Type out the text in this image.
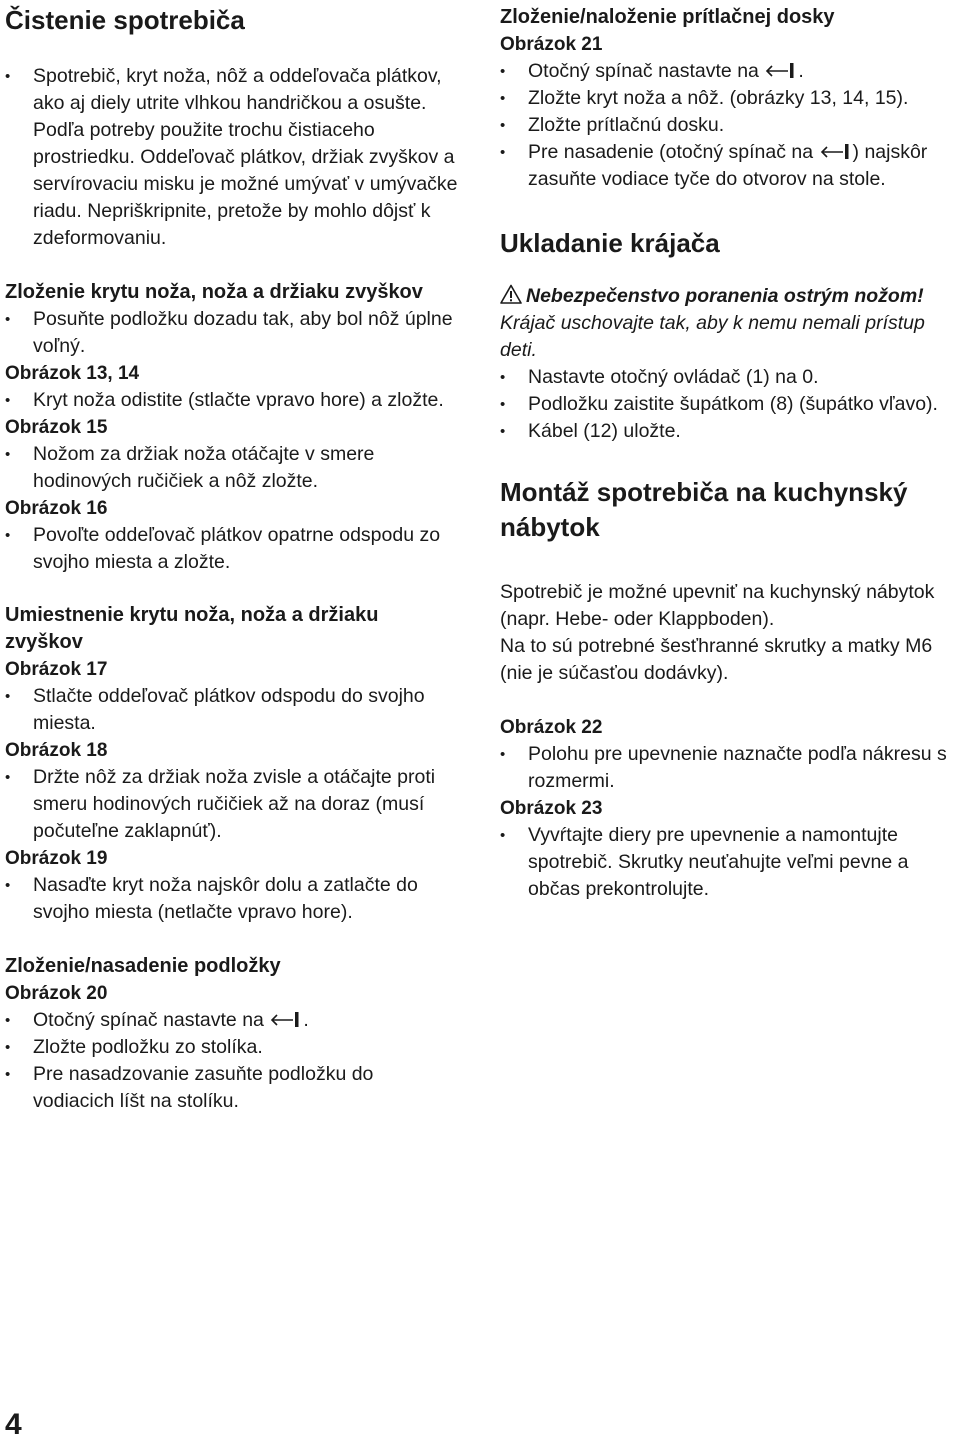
Čistenie spotrebiča
• Spotrebič, kryt noža, nôž a oddeľovača plátkov, ako aj diely utrite vlhkou handričkou a osušte. Podľa potreby použite trochu čistiaceho prostriedku. Oddeľovač plátkov, držiak zvyškov a servírovaciu misku je možné umývať v umývačke riadu. Nepriškripnite, pretože by mohlo dôjsť k zdeformovaniu.
Zloženie krytu noža, noža a držiaku zvyškov
• Posuňte podložku dozadu tak, aby bol nôž úplne voľný.
Obrázok 13, 14
• Kryt noža odistite (stlačte vpravo hore) a zložte.
Obrázok 15
• Nožom za držiak noža otáčajte v smere hodinových ručičiek a nôž zložte.
Obrázok 16
• Povoľte oddeľovač plátkov opatrne odspodu zo svojho miesta a zložte.
Umiestnenie krytu noža, noža a držiaku zvyškov
Obrázok 17
• Stlačte oddeľovač plátkov odspodu do svojho miesta.
Obrázok 18
• Držte nôž za držiak noža zvisle a otáčajte proti smeru hodinových ručičiek až na doraz (musí počuteľne zaklapnúť).
Obrázok 19
• Nasaďte kryt noža najskôr dolu a zatlačte do svojho miesta (netlačte vpravo hore).
Zloženie/nasadenie podložky
Obrázok 20
• Otočný spínač nastavte na .
• Zložte podložku zo stolíka.
• Pre nasadzovanie zasuňte podložku do vodiacich líšt na stolíku.
Zloženie/naloženie prítlačnej dosky
Obrázok 21
• Otočný spínač nastavte na .
• Zložte kryt noža a nôž. (obrázky 13, 14, 15).
• Zložte prítlačnú dosku.
• Pre nasadenie (otočný spínač na ) najskôr zasuňte vodiace tyče do otvorov na stole.
Ukladanie krájača
Nebezpečenstvo poranenia ostrým nožom!
Krájač uschovajte tak, aby k nemu nemali prístup deti.
• Nastavte otočný ovládač (1) na 0.
• Podložku zaistite šupátkom (8) (šupátko vľavo).
• Kábel (12) uložte.
Montáž spotrebiča na kuchynský nábytok
Spotrebič je možné upevniť na kuchynský nábytok (napr. Hebe- oder Klappboden).
Na to sú potrebné šesťhranné skrutky a matky M6 (nie je súčasťou dodávky).
Obrázok 22
• Polohu pre upevnenie naznačte podľa nákresu s rozmermi.
Obrázok 23
• Vyvŕtajte diery pre upevnenie a namontujte spotrebič. Skrutky neuťahujte veľmi pevne a občas prekontrolujte.
4
